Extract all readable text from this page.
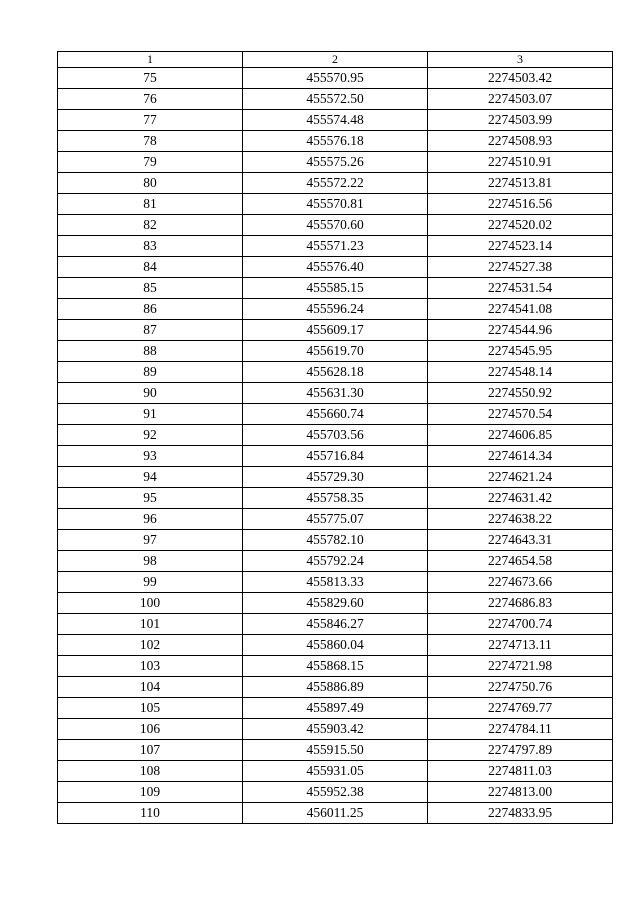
1	2	3
75	455570.95	2274503.42
76	455572.50	2274503.07
77	455574.48	2274503.99
78	455576.18	2274508.93
79	455575.26	2274510.91
80	455572.22	2274513.81
81	455570.81	2274516.56
82	455570.60	2274520.02
83	455571.23	2274523.14
84	455576.40	2274527.38
85	455585.15	2274531.54
86	455596.24	2274541.08
87	455609.17	2274544.96
88	455619.70	2274545.95
89	455628.18	2274548.14
90	455631.30	2274550.92
91	455660.74	2274570.54
92	455703.56	2274606.85
93	455716.84	2274614.34
94	455729.30	2274621.24
95	455758.35	2274631.42
96	455775.07	2274638.22
97	455782.10	2274643.31
98	455792.24	2274654.58
99	455813.33	2274673.66
100	455829.60	2274686.83
101	455846.27	2274700.74
102	455860.04	2274713.11
103	455868.15	2274721.98
104	455886.89	2274750.76
105	455897.49	2274769.77
106	455903.42	2274784.11
107	455915.50	2274797.89
108	455931.05	2274811.03
109	455952.38	2274813.00
110	456011.25	2274833.95
